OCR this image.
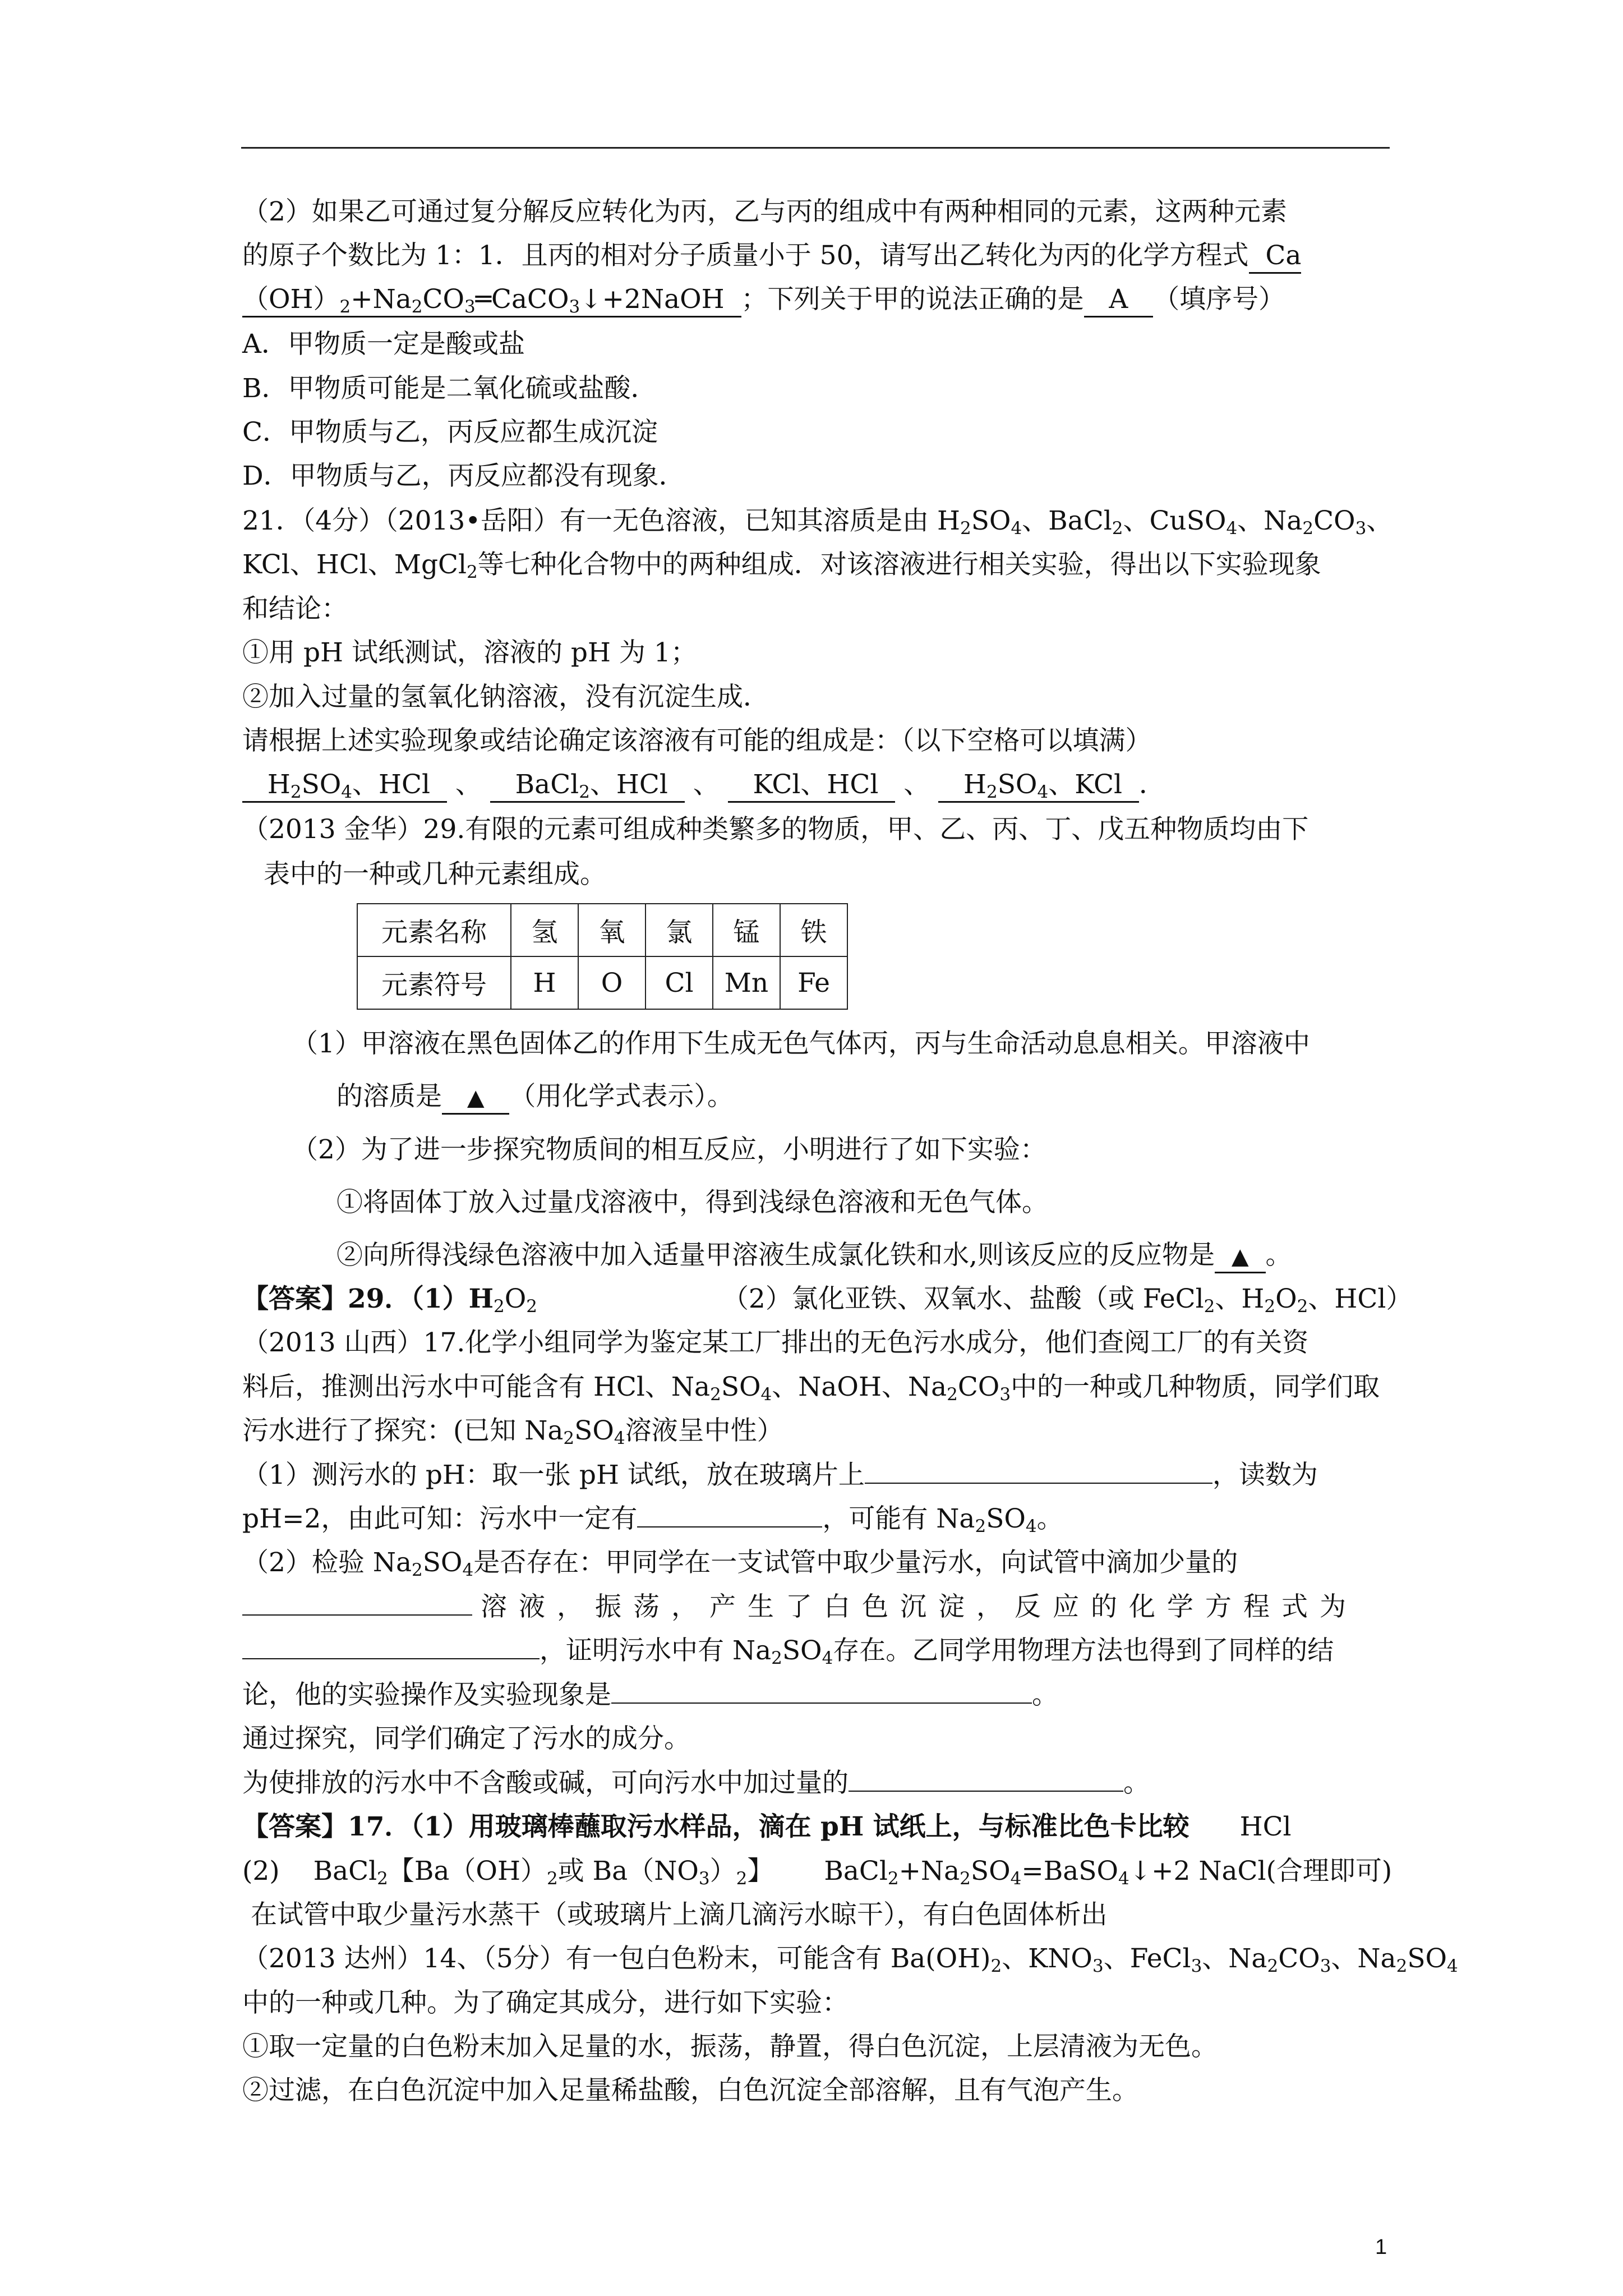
（2）如果乙可通过复分解反应转化为丙，乙与丙的组成中有两种相同的元素，这两种元素
的原子个数比为 1：1．且丙的相对分子质量小于 50，请写出乙转化为丙的化学方程式 Ca
$(OH)_2+Na_2CO_3═CaCO_3↓+2NaOH$ ；下列关于甲的说法正确的是 A （填序号）
A．甲物质一定是酸或盐
B．甲物质可能是二氧化硫或盐酸．
C．甲物质与乙，丙反应都生成沉淀
D．甲物质与乙，丙反应都没有现象．
21．（4分）（2013•岳阳）有一无色溶液，已知其溶质是由 $H_2SO_4$、BaCl$_2$、CuSO$_4$、$Na_2CO_3$、
KCl、HCl、MgCl$_2$等七种化合物中的两种组成．对该溶液进行相关实验，得出以下实验现象
和结论：
①用 pH 试纸测试，溶液的 pH 为 1；
②加入过量的氢氧化钠溶液，没有沉淀生成．
请根据上述实验现象或结论确定该溶液有可能的组成是：（以下空格可以填满）
$H_2SO_4$、HCl 、 BaCl$_2$、HCl 、 KCl、HCl 、 $H_2SO_4$、KCl ．
（2013 金华）29.有限的元素可组成种类繁多的物质，甲、乙、丙、丁、戊五种物质均由下
表中的一种或几种元素组成。
元素名称	氢	氧	氯	锰	铁
元素符号	H	O	Cl	Mn	Fe
（1）甲溶液在黑色固体乙的作用下生成无色气体丙，丙与生命活动息息相关。甲溶液中
的溶质是 ▲ （用化学式表示）。
（2）为了进一步探究物质间的相互反应，小明进行了如下实验：
①将固体丁放入过量戊溶液中，得到浅绿色溶液和无色气体。
②向所得浅绿色溶液中加入适量甲溶液生成氯化铁和水,则该反应的反应物是 ▲ 。
【答案】29．$(1)H_2O_2$	（2）氯化亚铁、双氧水、盐酸（或 FeCl$_2$、$H_2O_2$、HCl）
（2013 山西）17.化学小组同学为鉴定某工厂排出的无色污水成分，他们查阅工厂的有关资
料后，推测出污水中可能含有 HCl、$Na_2SO_4$、NaOH、$Na_2CO_3$中的一种或几种物质，同学们取
污水进行了探究：(已知 $Na_2SO_4$溶液呈中性）
（1）测污水的 pH：取一张 pH 试纸，放在玻璃片上	，读数为
pH=2，由此可知：污水中一定有	，可能有 $Na_2SO_4$。
（2）检验 $Na_2SO_4$是否存在：甲同学在一支试管中取少量污水，向试管中滴加少量的
溶液，振荡，产生了白色沉淀，反应的化学方程式为
，证明污水中有 $Na_2SO_4$存在。乙同学用物理方法也得到了同样的结
论，他的实验操作及实验现象是	。
通过探究，同学们确定了污水的成分。
为使排放的污水中不含酸或碱，可向污水中加过量的	。
【答案】17．（1）用玻璃棒蘸取污水样品，滴在 pH 试纸上，与标准比色卡比较 HCl
(2) BaCl$_2$【$Ba(OH)_2$或 $Ba(NO_3)_2$】 $BaCl_2+Na_2SO_4=BaSO_4↓+2$ NaCl(合理即可)
在试管中取少量污水蒸干（或玻璃片上滴几滴污水晾干），有白色固体析出
（2013 达州）14、（5分）有一包白色粉末，可能含有 $Ba(OH)_2$、$KNO_3$、FeCl$_3$、$Na_2CO_3$、$Na_2SO_4$
中的一种或几种。为了确定其成分，进行如下实验：
①取一定量的白色粉末加入足量的水，振荡，静置，得白色沉淀，上层清液为无色。
②过滤，在白色沉淀中加入足量稀盐酸，白色沉淀全部溶解，且有气泡产生。
1
